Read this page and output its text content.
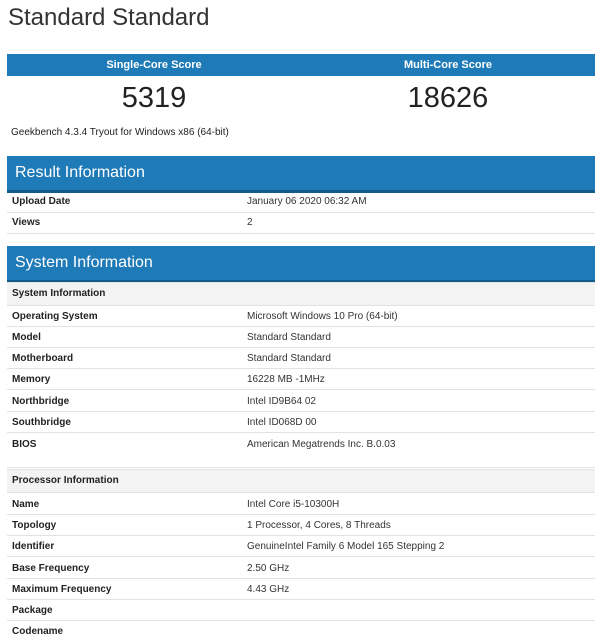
Standard Standard
Single-Core Score	Multi-Core Score
5319	18626
Geekbench 4.3.4 Tryout for Windows x86 (64-bit)
Result Information
Upload Date	January 06 2020 06:32 AM
Views	2
System Information
System Information
Operating System	Microsoft Windows 10 Pro (64-bit)
Model	Standard Standard
Motherboard	Standard Standard
Memory	16228 MB -1MHz
Northbridge	Intel ID9B64 02
Southbridge	Intel ID068D 00
BIOS	American Megatrends Inc. B.0.03
Processor Information
Name	Intel Core i5-10300H
Topology	1 Processor, 4 Cores, 8 Threads
Identifier	GenuineIntel Family 6 Model 165 Stepping 2
Base Frequency	2.50 GHz
Maximum Frequency	4.43 GHz
Package
Codename
